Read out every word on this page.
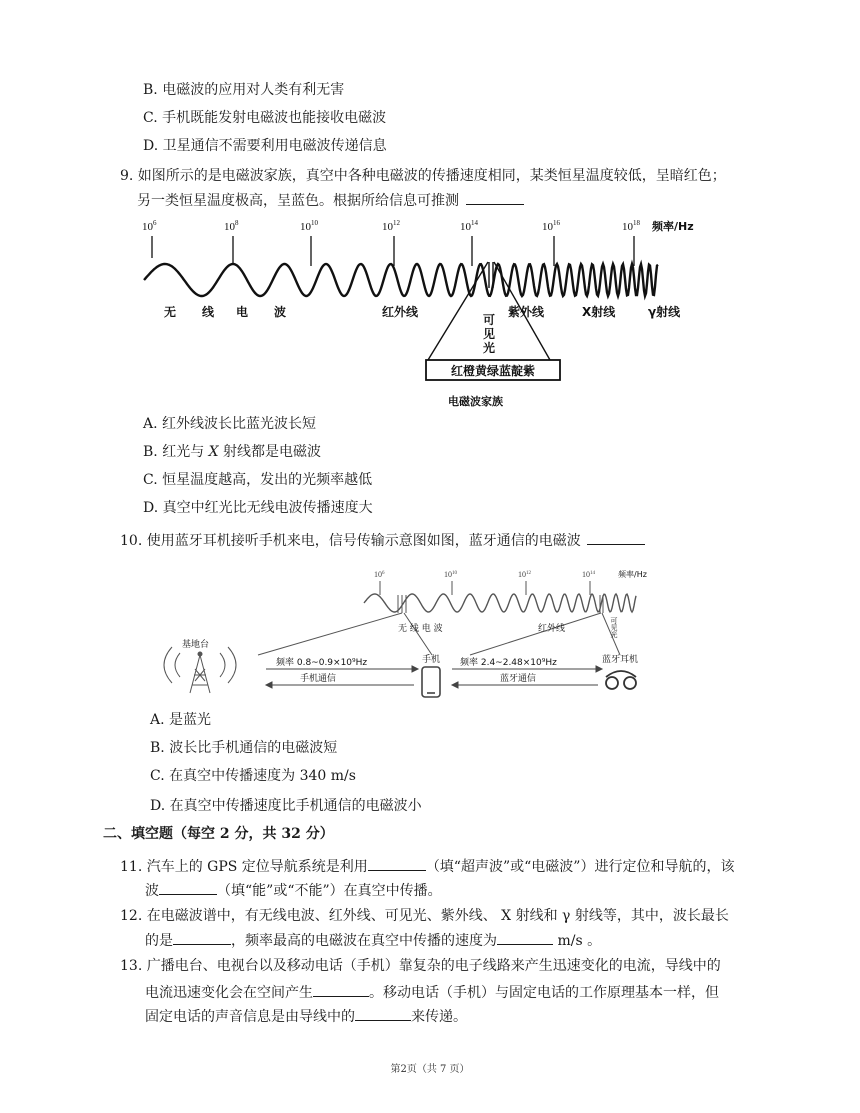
B. 电磁波的应用对人类有利无害
C. 手机既能发射电磁波也能接收电磁波
D. 卫星通信不需要利用电磁波传递信息
9. 如图所示的是电磁波家族，真空中各种电磁波的传播速度相同，某类恒星温度较低，呈暗红色；
另一类恒星温度极高，呈蓝色。根据所给信息可推测
$10^6$	$10^8$	$10^{10}$	$10^{12}$	$10^{14}$	$10^{16}$	$10^{18}$ 频率/Hz
无 线 电 波	红外线	紫外线	X射线	γ射线
可
见
光
红橙黄绿蓝靛紫
电磁波家族
A. 红外线波长比蓝光波长短
B. 红光与 X 射线都是电磁波
C. 恒星温度越高，发出的光频率越低
D. 真空中红光比无线电波传播速度大
10. 使用蓝牙耳机接听手机来电，信号传输示意图如图，蓝牙通信的电磁波
$10^6$	$10^{10}$	$10^{12}$	$10^{14}$	频率/Hz
无 线 电 波	红外线	可见光
基地台
手机	蓝牙耳机
频率 0.8~0.9×10⁹Hz
手机通信
频率 2.4~2.48×10⁹Hz
蓝牙通信
A. 是蓝光
B. 波长比手机通信的电磁波短
C. 在真空中传播速度为 340 m/s
D. 在真空中传播速度比手机通信的电磁波小
二、填空题（每空 2 分，共 32 分）
11. 汽车上的 GPS 定位导航系统是利用	（填“超声波”或“电磁波”）进行定位和导航的，该
波	（填“能”或“不能”）在真空中传播。
12. 在电磁波谱中，有无线电波、红外线、可见光、紫外线、 X 射线和 γ 射线等，其中，波长最长
的是	，频率最高的电磁波在真空中传播的速度为	m/s 。
13. 广播电台、电视台以及移动电话（手机）靠复杂的电子线路来产生迅速变化的电流，导线中的
电流迅速变化会在空间产生	。移动电话（手机）与固定电话的工作原理基本一样，但
固定电话的声音信息是由导线中的	来传递。
第2页（共 7 页）
